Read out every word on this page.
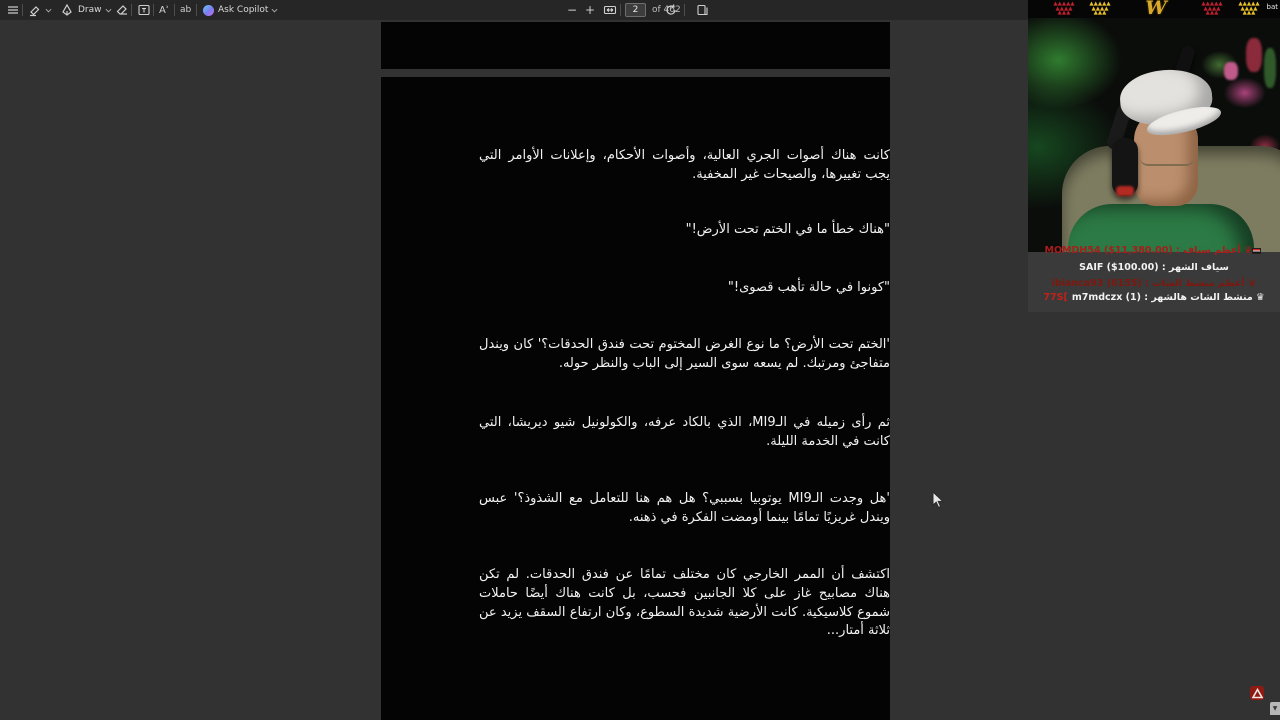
Draw	Aʾ ab	Ask Copilot	− +	2 of 462
كانت هناك أصوات الجري العالية، وأصوات الأحكام، وإعلانات الأوامر التي يجب تغييرها، والصيحات غير المخفية.
"هناك خطأ ما في الختم تحت الأرض!"
"كونوا في حالة تأهب قصوى!"
'الختم تحت الأرض؟ ما نوع الغرض المختوم تحت فندق الحدقات؟' كان ويندل متفاجئ ومرتبك. لم يسعه سوى السير إلى الباب والنظر حوله.
ثم رأى زميله في الـMI9، الذي بالكاد عرفه، والكولونيل شيو ديريشا، التي كانت في الخدمة الليلة.
'هل وجدت الـMI9 يوتوبيا بسببي؟ هل هم هنا للتعامل مع الشذوذ؟' عبس ويندل غريزيًا تمامًا بينما أومضت الفكرة في ذهنه.
اكتشف أن الممر الخارجي كان مختلف تمامًا عن فندق الحدقات. لم تكن هناك مصابيح غاز على كلا الجانبين فحسب، بل كانت هناك أيضًا حاملات شموع كلاسيكية. كانت الأرضية شديدة السطوع، وكان ارتفاع السقف يزيد عن ثلاثة أمتار...
▲▲▲▲▲
▲▲▲▲
▲▲▲
▲▲▲▲▲
▲▲▲▲
▲▲▲	W	▲▲▲▲▲
▲▲▲▲
▲▲▲
▲▲▲▲▲
▲▲▲▲
▲▲▲
bat
♛ أعظم سياف : MOMDH54 ($11,380.00)
سياف الشهر : SAIF ($100.00)
♛ أعظم منشط الشات : ibianca93 (6155)
77S[ ♛ منشط الشات هالشهر : m7mdczx (1)
▼
